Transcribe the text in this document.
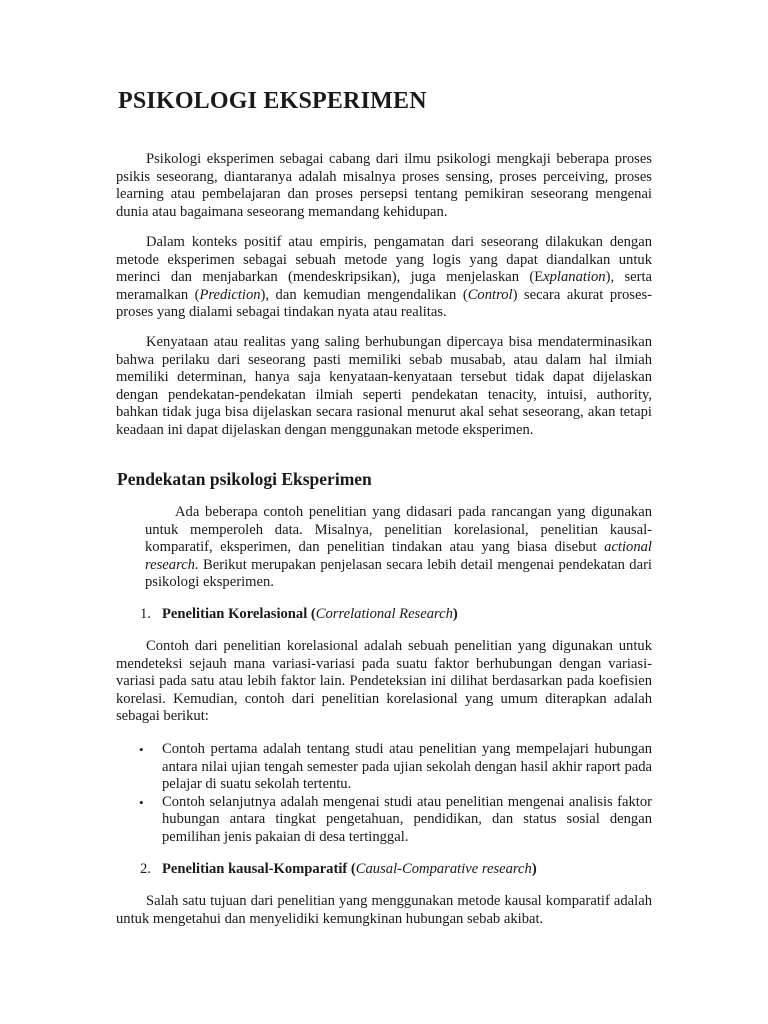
PSIKOLOGI EKSPERIMEN

Psikologi eksperimen sebagai cabang dari ilmu psikologi mengkaji beberapa proses psikis seseorang, diantaranya adalah misalnya proses sensing, proses perceiving, proses learning atau pembelajaran dan proses persepsi tentang pemikiran seseorang mengenai dunia atau bagaimana seseorang memandang kehidupan.

Dalam konteks positif atau empiris, pengamatan dari seseorang dilakukan dengan metode eksperimen sebagai sebuah metode yang logis yang dapat diandalkan untuk merinci dan menjabarkan (mendeskripsikan), juga menjelaskan (Explanation), serta meramalkan (Prediction), dan kemudian mengendalikan (Control) secara akurat proses-proses yang dialami sebagai tindakan nyata atau realitas.

Kenyataan atau realitas yang saling berhubungan dipercaya bisa mendaterminasikan bahwa perilaku dari seseorang pasti memiliki sebab musabab, atau dalam hal ilmiah memiliki determinan, hanya saja kenyataan-kenyataan tersebut tidak dapat dijelaskan dengan pendekatan-pendekatan ilmiah seperti pendekatan tenacity, intuisi, authority, bahkan tidak juga bisa dijelaskan secara rasional menurut akal sehat seseorang, akan tetapi keadaan ini dapat dijelaskan dengan menggunakan metode eksperimen.

Pendekatan psikologi Eksperimen

Ada beberapa contoh penelitian yang didasari pada rancangan yang digunakan untuk memperoleh data. Misalnya, penelitian korelasional, penelitian kausal-komparatif, eksperimen, dan penelitian tindakan atau yang biasa disebut actional research. Berikut merupakan penjelasan secara lebih detail mengenai pendekatan dari psikologi eksperimen.

1. Penelitian Korelasional (Correlational Research)

Contoh dari penelitian korelasional adalah sebuah penelitian yang digunakan untuk mendeteksi sejauh mana variasi-variasi pada suatu faktor berhubungan dengan variasi-variasi pada satu atau lebih faktor lain. Pendeteksian ini dilihat berdasarkan pada koefisien korelasi. Kemudian, contoh dari penelitian korelasional yang umum diterapkan adalah sebagai berikut:

• Contoh pertama adalah tentang studi atau penelitian yang mempelajari hubungan antara nilai ujian tengah semester pada ujian sekolah dengan hasil akhir raport pada pelajar di suatu sekolah tertentu.
• Contoh selanjutnya adalah mengenai studi atau penelitian mengenai analisis faktor hubungan antara tingkat pengetahuan, pendidikan, dan status sosial dengan pemilihan jenis pakaian di desa tertinggal.

2. Penelitian kausal-Komparatif (Causal-Comparative research)

Salah satu tujuan dari penelitian yang menggunakan metode kausal komparatif adalah untuk mengetahui dan menyelidiki kemungkinan hubungan sebab akibat.
